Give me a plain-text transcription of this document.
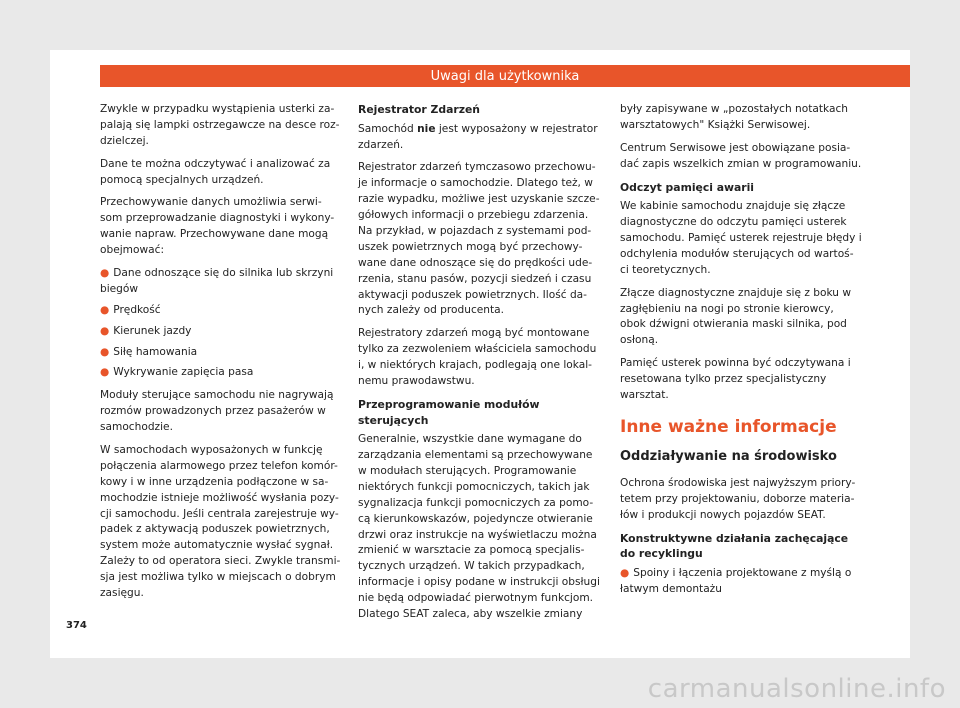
Uwagi dla użytkownika

Zwykle w przypadku wystąpienia usterki za-palają się lampki ostrzegawcze na desce roz-dzielczej.

Dane te można odczytywać i analizować za pomocą specjalnych urządzeń.

Przechowywanie danych umożliwia serwi-som przeprowadzanie diagnostyki i wykony-wanie napraw. Przechowywane dane mogą obejmować:

● Dane odnoszące się do silnika lub skrzyni biegów
● Prędkość
● Kierunek jazdy
● Siłę hamowania
● Wykrywanie zapięcia pasa

Moduły sterujące samochodu nie nagrywają rozmów prowadzonych przez pasażerów w samochodzie.

W samochodach wyposażonych w funkcję połączenia alarmowego przez telefon komór-kowy i w inne urządzenia podłączone w sa-mochodzie istnieje możliwość wysłania pozy-cji samochodu. Jeśli centrala zarejestruje wy-padek z aktywacją poduszek powietrznych, system może automatycznie wysłać sygnał. Zależy to od operatora sieci. Zwykle transmi-sja jest możliwa tylko w miejscach o dobrym zasięgu.

Rejestrator Zdarzeń

Samochód nie jest wyposażony w rejestrator zdarzeń.

Rejestrator zdarzeń tymczasowo przechowu-je informacje o samochodzie. Dlatego też, w razie wypadku, możliwe jest uzyskanie szcze-gółowych informacji o przebiegu zdarzenia. Na przykład, w pojazdach z systemami pod-uszek powietrznych mogą być przechowy-wane dane odnoszące się do prędkości ude-rzenia, stanu pasów, pozycji siedzeń i czasu aktywacji poduszek powietrznych. Ilość da-nych zależy od producenta.

Rejestratory zdarzeń mogą być montowane tylko za zezwoleniem właściciela samochodu i, w niektórych krajach, podlegają one lokal-nemu prawodawstwu.

Przeprogramowanie modułów sterujących

Generalnie, wszystkie dane wymagane do zarządzania elementami są przechowywane w modułach sterujących. Programowanie niektórych funkcji pomocniczych, takich jak sygnalizacja funkcji pomocniczych za pomo-cą kierunkowskazów, pojedyncze otwieranie drzwi oraz instrukcje na wyświetlaczu można zmienić w warsztacie za pomocą specjalis-tycznych urządzeń. W takich przypadkach, informacje i opisy podane w instrukcji obsługi nie będą odpowiadać pierwotnym funkcjom. Dlatego SEAT zaleca, aby wszelkie zmiany

były zapisywane w „pozostałych notatkach warsztatowych" Książki Serwisowej.

Centrum Serwisowe jest obowiązane posia-dać zapis wszelkich zmian w programowaniu.

Odczyt pamięci awarii

We kabinie samochodu znajduje się złącze diagnostyczne do odczytu pamięci usterek samochodu. Pamięć usterek rejestruje błędy i odchylenia modułów sterujących od wartoś-ci teoretycznych.

Złącze diagnostyczne znajduje się z boku w zagłębieniu na nogi po stronie kierowcy, obok dźwigni otwierania maski silnika, pod osłoną.

Pamięć usterek powinna być odczytywana i resetowana tylko przez specjalistyczny warsztat.

Inne ważne informacje
Oddziaływanie na środowisko

Ochrona środowiska jest najwyższym priory-tetem przy projektowaniu, doborze materia-łów i produkcji nowych pojazdów SEAT.

Konstruktywne działania zachęcające do recyklingu
● Spoiny i łączenia projektowane z myślą o łatwym demontażu
374
carmanualsonline.info
